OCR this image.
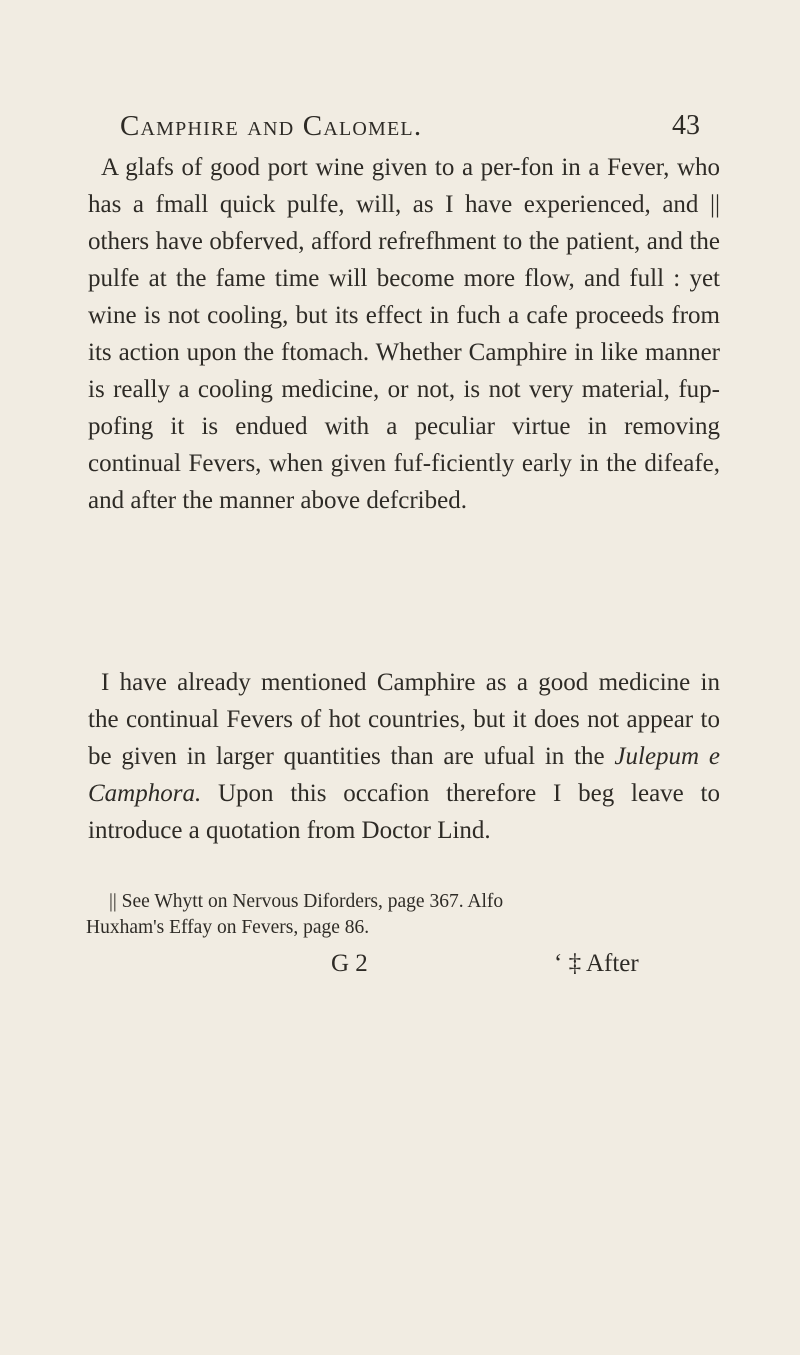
Camphire and Calomel.	43

A glafs of good port wine given to a per-fon in a Fever, who has a fmall quick pulfe, will, as I have experienced, and || others have obferved, afford refrefhment to the patient, and the pulfe at the fame time will become more flow, and full : yet wine is not cooling, but its effect in fuch a cafe proceeds from its action upon the ftomach. Whether Camphire in like manner is really a cooling medicine, or not, is not very material, fup-pofing it is endued with a peculiar virtue in removing continual Fevers, when given fuf-ficiently early in the difeafe, and after the manner above defcribed.

I have already mentioned Camphire as a good medicine in the continual Fevers of hot countries, but it does not appear to be given in larger quantities than are ufual in the Julepum e Camphora. Upon this occafion therefore I beg leave to introduce a quotation from Doctor Lind.

|| See Whytt on Nervous Diforders, page 367. Alfo
Huxham's Effay on Fevers, page 86.

G 2	‘ ‡ After
